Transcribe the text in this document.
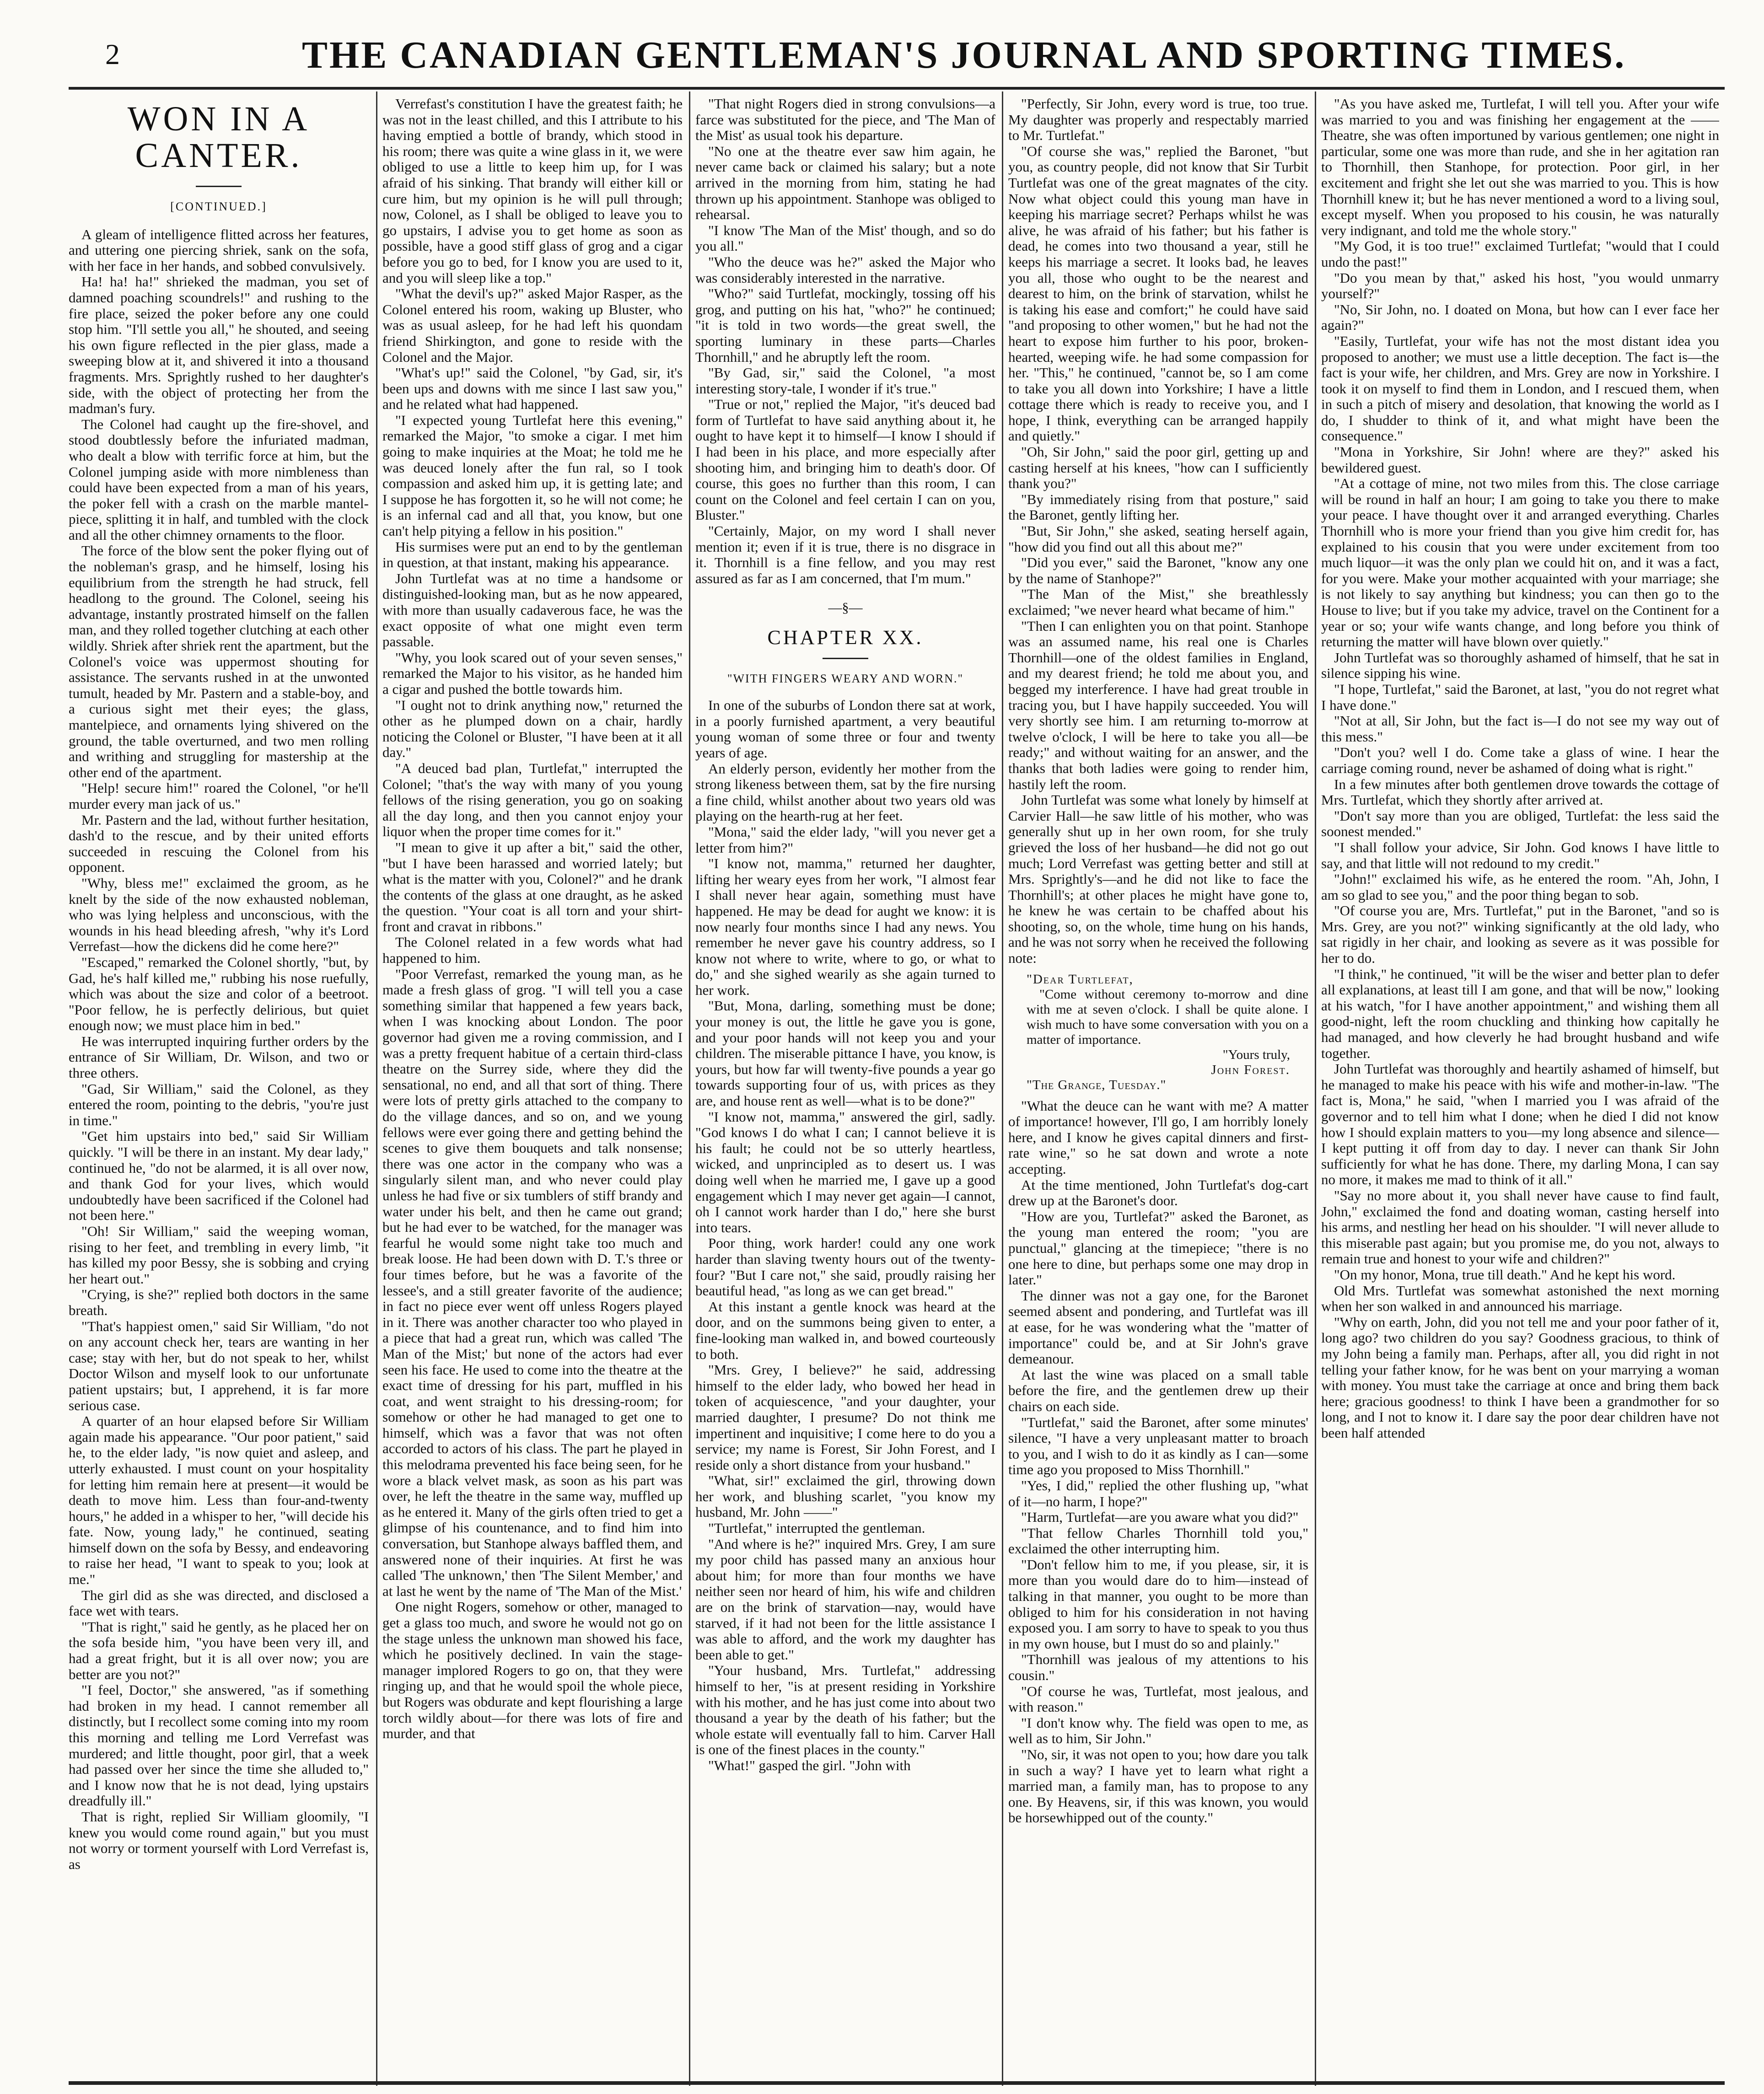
2	THE CANADIAN GENTLEMAN'S JOURNAL AND SPORTING TIMES.
WON IN A CANTER.
[CONTINUED.]

A gleam of intelligence flitted across her features, and uttering one piercing shriek, sank on the sofa, with her face in her hands, and sobbed convulsively.

Ha! ha! ha!" shrieked the madman, you set of damned poaching scoundrels!" and rushing to the fire place, seized the poker before any one could stop him. "I'll settle you all," he shouted, and seeing his own figure reflected in the pier glass, made a sweeping blow at it, and shivered it into a thousand fragments. Mrs. Sprightly rushed to her daughter's side, with the object of protecting her from the madman's fury.

The Colonel had caught up the fire-shovel, and stood doubtlessly before the infuriated madman, who dealt a blow with terrific force at him, but the Colonel jumping aside with more nimbleness than could have been expected from a man of his years, the poker fell with a crash on the marble mantel-piece, splitting it in half, and tumbled with the clock and all the other chimney ornaments to the floor.

The force of the blow sent the poker flying out of the nobleman's grasp, and he himself, losing his equilibrium from the strength he had struck, fell headlong to the ground. The Colonel, seeing his advantage, instantly prostrated himself on the fallen man, and they rolled together clutching at each other wildly. Shriek after shriek rent the apartment, but the Colonel's voice was uppermost shouting for assistance. The servants rushed in at the unwonted tumult, headed by Mr. Pastern and a stable-boy, and a curious sight met their eyes; the glass, mantelpiece, and ornaments lying shivered on the ground, the table overturned, and two men rolling and writhing and struggling for mastership at the other end of the apartment.

"Help! secure him!" roared the Colonel, "or he'll murder every man jack of us."

Mr. Pastern and the lad, without further hesitation, dash'd to the rescue, and by their united efforts succeeded in rescuing the Colonel from his opponent.

"Why, bless me!" exclaimed the groom, as he knelt by the side of the now exhausted nobleman, who was lying helpless and unconscious, with the wounds in his head bleeding afresh, "why it's Lord Verrefast—how the dickens did he come here?"

"Escaped," remarked the Colonel shortly, "but, by Gad, he's half killed me," rubbing his nose ruefully, which was about the size and color of a beetroot. "Poor fellow, he is perfectly delirious, but quiet enough now; we must place him in bed."

He was interrupted inquiring further orders by the entrance of Sir William, Dr. Wilson, and two or three others.

"Gad, Sir William," said the Colonel, as they entered the room, pointing to the debris, "you're just in time."

"Get him upstairs into bed," said Sir William quickly. "I will be there in an instant. My dear lady," continued he, "do not be alarmed, it is all over now, and thank God for your lives, which would undoubtedly have been sacrificed if the Colonel had not been here."

"Oh! Sir William," said the weeping woman, rising to her feet, and trembling in every limb, "it has killed my poor Bessy, she is sobbing and crying her heart out."

"Crying, is she?" replied both doctors in the same breath.

"That's happiest omen," said Sir William, "do not on any account check her, tears are wanting in her case; stay with her, but do not speak to her, whilst Doctor Wilson and myself look to our unfortunate patient upstairs; but, I apprehend, it is far more serious case.

A quarter of an hour elapsed before Sir William again made his appearance. "Our poor patient," said he, to the elder lady, "is now quiet and asleep, and utterly exhausted. I must count on your hospitality for letting him remain here at present—it would be death to move him. Less than four-and-twenty hours," he added in a whisper to her, "will decide his fate. Now, young lady," he continued, seating himself down on the sofa by Bessy, and endeavoring to raise her head, "I want to speak to you; look at me."

The girl did as she was directed, and disclosed a face wet with tears.

"That is right," said he gently, as he placed her on the sofa beside him, "you have been very ill, and had a great fright, but it is all over now; you are better are you not?"

"I feel, Doctor," she answered, "as if something had broken in my head. I cannot remember all distinctly, but I recollect some coming into my room this morning and telling me Lord Verrefast was murdered; and little thought, poor girl, that a week had passed over her since the time she alluded to," and I know now that he is not dead, lying upstairs dreadfully ill."

That is right, replied Sir William gloomily, "I knew you would come round again," but you must not worry or torment yourself with Lord Verrefast is, as

Verrefast's constitution I have the greatest faith; he was not in the least chilled, and this I attribute to his having emptied a bottle of brandy, which stood in his room; there was quite a wine glass in it, we were obliged to use a little to keep him up, for I was afraid of his sinking. That brandy will either kill or cure him, but my opinion is he will pull through; now, Colonel, as I shall be obliged to leave you to go upstairs, I advise you to get home as soon as possible, have a good stiff glass of grog and a cigar before you go to bed, for I know you are used to it, and you will sleep like a top."

"What the devil's up?" asked Major Rasper, as the Colonel entered his room, waking up Bluster, who was as usual asleep, for he had left his quondam friend Shirkington, and gone to reside with the Colonel and the Major.

"What's up!" said the Colonel, "by Gad, sir, it's been ups and downs with me since I last saw you," and he related what had happened.

"I expected young Turtlefat here this evening," remarked the Major, "to smoke a cigar. I met him going to make inquiries at the Moat; he told me he was deuced lonely after the fun ral, so I took compassion and asked him up, it is getting late; and I suppose he has forgotten it, so he will not come; he is an infernal cad and all that, you know, but one can't help pitying a fellow in his position."

His surmises were put an end to by the gentleman in question, at that instant, making his appearance.

John Turtlefat was at no time a handsome or distinguished-looking man, but as he now appeared, with more than usually cadaverous face, he was the exact opposite of what one might even term passable.

"Why, you look scared out of your seven senses," remarked the Major to his visitor, as he handed him a cigar and pushed the bottle towards him.

"I ought not to drink anything now," returned the other as he plumped down on a chair, hardly noticing the Colonel or Bluster, "I have been at it all day."

"A deuced bad plan, Turtlefat," interrupted the Colonel; "that's the way with many of you young fellows of the rising generation, you go on soaking all the day long, and then you cannot enjoy your liquor when the proper time comes for it."

"I mean to give it up after a bit," said the other, "but I have been harassed and worried lately; but what is the matter with you, Colonel?" and he drank the contents of the glass at one draught, as he asked the question. "Your coat is all torn and your shirt-front and cravat in ribbons."

The Colonel related in a few words what had happened to him.

"Poor Verrefast, remarked the young man, as he made a fresh glass of grog. "I will tell you a case something similar that happened a few years back, when I was knocking about London. The poor governor had given me a roving commission, and I was a pretty frequent habitue of a certain third-class theatre on the Surrey side, where they did the sensational, no end, and all that sort of thing. There were lots of pretty girls attached to the company to do the village dances, and so on, and we young fellows were ever going there and getting behind the scenes to give them bouquets and talk nonsense; there was one actor in the company who was a singularly silent man, and who never could play unless he had five or six tumblers of stiff brandy and water under his belt, and then he came out grand; but he had ever to be watched, for the manager was fearful he would some night take too much and break loose. He had been down with D. T.'s three or four times before, but he was a favorite of the lessee's, and a still greater favorite of the audience; in fact no piece ever went off unless Rogers played in it. There was another character too who played in a piece that had a great run, which was called 'The Man of the Mist;' but none of the actors had ever seen his face. He used to come into the theatre at the exact time of dressing for his part, muffled in his coat, and went straight to his dressing-room; for somehow or other he had managed to get one to himself, which was a favor that was not often accorded to actors of his class. The part he played in this melodrama prevented his face being seen, for he wore a black velvet mask, as soon as his part was over, he left the theatre in the same way, muffled up as he entered it. Many of the girls often tried to get a glimpse of his countenance, and to find him into conversation, but Stanhope always baffled them, and answered none of their inquiries. At first he was called 'The unknown,' then 'The Silent Member,' and at last he went by the name of 'The Man of the Mist.'

One night Rogers, somehow or other, managed to get a glass too much, and swore he would not go on the stage unless the unknown man showed his face, which he positively declined. In vain the stage-manager implored Rogers to go on, that they were ringing up, and that he would spoil the whole piece, but Rogers was obdurate and kept flourishing a large torch wildly about—for there was lots of fire and murder, and that

"That night Rogers died in strong convulsions—a farce was substituted for the piece, and 'The Man of the Mist' as usual took his departure.

"No one at the theatre ever saw him again, he never came back or claimed his salary; but a note arrived in the morning from him, stating he had thrown up his appointment. Stanhope was obliged to rehearsal.

"I know 'The Man of the Mist' though, and so do you all."

"Who the deuce was he?" asked the Major who was considerably interested in the narrative.

"Who?" said Turtlefat, mockingly, tossing off his grog, and putting on his hat, "who?" he continued; "it is told in two words—the great swell, the sporting luminary in these parts—Charles Thornhill," and he abruptly left the room.

"By Gad, sir," said the Colonel, "a most interesting story-tale, I wonder if it's true."

"True or not," replied the Major, "it's deuced bad form of Turtlefat to have said anything about it, he ought to have kept it to himself—I know I should if I had been in his place, and more especially after shooting him, and bringing him to death's door. Of course, this goes no further than this room, I can count on the Colonel and feel certain I can on you, Bluster."

"Certainly, Major, on my word I shall never mention it; even if it is true, there is no disgrace in it. Thornhill is a fine fellow, and you may rest assured as far as I am concerned, that I'm mum."

—§—
CHAPTER XX.
"WITH FINGERS WEARY AND WORN."

In one of the suburbs of London there sat at work, in a poorly furnished apartment, a very beautiful young woman of some three or four and twenty years of age.

An elderly person, evidently her mother from the strong likeness between them, sat by the fire nursing a fine child, whilst another about two years old was playing on the hearth-rug at her feet.

"Mona," said the elder lady, "will you never get a letter from him?"

"I know not, mamma," returned her daughter, lifting her weary eyes from her work, "I almost fear I shall never hear again, something must have happened. He may be dead for aught we know: it is now nearly four months since I had any news. You remember he never gave his country address, so I know not where to write, where to go, or what to do," and she sighed wearily as she again turned to her work.

"But, Mona, darling, something must be done; your money is out, the little he gave you is gone, and your poor hands will not keep you and your children. The miserable pittance I have, you know, is yours, but how far will twenty-five pounds a year go towards supporting four of us, with prices as they are, and house rent as well—what is to be done?"

"I know not, mamma," answered the girl, sadly. "God knows I do what I can; I cannot believe it is his fault; he could not be so utterly heartless, wicked, and unprincipled as to desert us. I was doing well when he married me, I gave up a good engagement which I may never get again—I cannot, oh I cannot work harder than I do," here she burst into tears.

Poor thing, work harder! could any one work harder than slaving twenty hours out of the twenty-four? "But I care not," she said, proudly raising her beautiful head, "as long as we can get bread."

At this instant a gentle knock was heard at the door, and on the summons being given to enter, a fine-looking man walked in, and bowed courteously to both.

"Mrs. Grey, I believe?" he said, addressing himself to the elder lady, who bowed her head in token of acquiescence, "and your daughter, your married daughter, I presume? Do not think me impertinent and inquisitive; I come here to do you a service; my name is Forest, Sir John Forest, and I reside only a short distance from your husband."

"What, sir!" exclaimed the girl, throwing down her work, and blushing scarlet, "you know my husband, Mr. John ——"

"Turtlefat," interrupted the gentleman.

"And where is he?" inquired Mrs. Grey, I am sure my poor child has passed many an anxious hour about him; for more than four months we have neither seen nor heard of him, his wife and children are on the brink of starvation—nay, would have starved, if it had not been for the little assistance I was able to afford, and the work my daughter has been able to get."

"Your husband, Mrs. Turtlefat," addressing himself to her, "is at present residing in Yorkshire with his mother, and he has just come into about two thousand a year by the death of his father; but the whole estate will eventually fall to him. Carver Hall is one of the finest places in the county."

"What!" gasped the girl. "John with

"Perfectly, Sir John, every word is true, too true. My daughter was properly and respectably married to Mr. Turtlefat."

"Of course she was," replied the Baronet, "but you, as country people, did not know that Sir Turbit Turtlefat was one of the great magnates of the city. Now what object could this young man have in keeping his marriage secret? Perhaps whilst he was alive, he was afraid of his father; but his father is dead, he comes into two thousand a year, still he keeps his marriage a secret. It looks bad, he leaves you all, those who ought to be the nearest and dearest to him, on the brink of starvation, whilst he is taking his ease and comfort;" he could have said "and proposing to other women," but he had not the heart to expose him further to his poor, broken-hearted, weeping wife. he had some compassion for her. "This," he continued, "cannot be, so I am come to take you all down into Yorkshire; I have a little cottage there which is ready to receive you, and I hope, I think, everything can be arranged happily and quietly."

"Oh, Sir John," said the poor girl, getting up and casting herself at his knees, "how can I sufficiently thank you?"

"By immediately rising from that posture," said the Baronet, gently lifting her.

"But, Sir John," she asked, seating herself again, "how did you find out all this about me?"

"Did you ever," said the Baronet, "know any one by the name of Stanhope?"

"The Man of the Mist," she breathlessly exclaimed; "we never heard what became of him."

"Then I can enlighten you on that point. Stanhope was an assumed name, his real one is Charles Thornhill—one of the oldest families in England, and my dearest friend; he told me about you, and begged my interference. I have had great trouble in tracing you, but I have happily succeeded. You will very shortly see him. I am returning to-morrow at twelve o'clock, I will be here to take you all—be ready;" and without waiting for an answer, and the thanks that both ladies were going to render him, hastily left the room.

John Turtlefat was some what lonely by himself at Carvier Hall—he saw little of his mother, who was generally shut up in her own room, for she truly grieved the loss of her husband—he did not go out much; Lord Verrefast was getting better and still at Mrs. Sprightly's—and he did not like to face the Thornhill's; at other places he might have gone to, he knew he was certain to be chaffed about his shooting, so, on the whole, time hung on his hands, and he was not sorry when he received the following note:

"Dear Turtlefat,

"Come without ceremony to-morrow and dine with me at seven o'clock. I shall be quite alone. I wish much to have some conversation with you on a matter of importance.

"Yours truly,
John Forest.
"The Grange, Tuesday."

"What the deuce can he want with me? A matter of importance! however, I'll go, I am horribly lonely here, and I know he gives capital dinners and first-rate wine," so he sat down and wrote a note accepting.

At the time mentioned, John Turtlefat's dog-cart drew up at the Baronet's door.

"How are you, Turtlefat?" asked the Baronet, as the young man entered the room; "you are punctual," glancing at the timepiece; "there is no one here to dine, but perhaps some one may drop in later."

The dinner was not a gay one, for the Baronet seemed absent and pondering, and Turtlefat was ill at ease, for he was wondering what the "matter of importance" could be, and at Sir John's grave demeanour.

At last the wine was placed on a small table before the fire, and the gentlemen drew up their chairs on each side.

"Turtlefat," said the Baronet, after some minutes' silence, "I have a very unpleasant matter to broach to you, and I wish to do it as kindly as I can—some time ago you proposed to Miss Thornhill."

"Yes, I did," replied the other flushing up, "what of it—no harm, I hope?"

"Harm, Turtlefat—are you aware what you did?"

"That fellow Charles Thornhill told you," exclaimed the other interrupting him.

"Don't fellow him to me, if you please, sir, it is more than you would dare do to him—instead of talking in that manner, you ought to be more than obliged to him for his consideration in not having exposed you. I am sorry to have to speak to you thus in my own house, but I must do so and plainly."

"Thornhill was jealous of my attentions to his cousin."

"Of course he was, Turtlefat, most jealous, and with reason."

"I don't know why. The field was open to me, as well as to him, Sir John."

"No, sir, it was not open to you; how dare you talk in such a way? I have yet to learn what right a married man, a family man, has to propose to any one. By Heavens, sir, if this was known, you would be horsewhipped out of the county."

"As you have asked me, Turtlefat, I will tell you. After your wife was married to you and was finishing her engagement at the —— Theatre, she was often importuned by various gentlemen; one night in particular, some one was more than rude, and she in her agitation ran to Thornhill, then Stanhope, for protection. Poor girl, in her excitement and fright she let out she was married to you. This is how Thornhill knew it; but he has never mentioned a word to a living soul, except myself. When you proposed to his cousin, he was naturally very indignant, and told me the whole story."

"My God, it is too true!" exclaimed Turtlefat; "would that I could undo the past!"

"Do you mean by that," asked his host, "you would unmarry yourself?"

"No, Sir John, no. I doated on Mona, but how can I ever face her again?"

"Easily, Turtlefat, your wife has not the most distant idea you proposed to another; we must use a little deception. The fact is—the fact is your wife, her children, and Mrs. Grey are now in Yorkshire. I took it on myself to find them in London, and I rescued them, when in such a pitch of misery and desolation, that knowing the world as I do, I shudder to think of it, and what might have been the consequence."

"Mona in Yorkshire, Sir John! where are they?" asked his bewildered guest.

"At a cottage of mine, not two miles from this. The close carriage will be round in half an hour; I am going to take you there to make your peace. I have thought over it and arranged everything. Charles Thornhill who is more your friend than you give him credit for, has explained to his cousin that you were under excitement from too much liquor—it was the only plan we could hit on, and it was a fact, for you were. Make your mother acquainted with your marriage; she is not likely to say anything but kindness; you can then go to the House to live; but if you take my advice, travel on the Continent for a year or so; your wife wants change, and long before you think of returning the matter will have blown over quietly."

John Turtlefat was so thoroughly ashamed of himself, that he sat in silence sipping his wine.

"I hope, Turtlefat," said the Baronet, at last, "you do not regret what I have done."

"Not at all, Sir John, but the fact is—I do not see my way out of this mess."

"Don't you? well I do. Come take a glass of wine. I hear the carriage coming round, never be ashamed of doing what is right."

In a few minutes after both gentlemen drove towards the cottage of Mrs. Turtlefat, which they shortly after arrived at.

"Don't say more than you are obliged, Turtlefat: the less said the soonest mended."

"I shall follow your advice, Sir John. God knows I have little to say, and that little will not redound to my credit."

"John!" exclaimed his wife, as he entered the room. "Ah, John, I am so glad to see you," and the poor thing began to sob.

"Of course you are, Mrs. Turtlefat," put in the Baronet, "and so is Mrs. Grey, are you not?" winking significantly at the old lady, who sat rigidly in her chair, and looking as severe as it was possible for her to do.

"I think," he continued, "it will be the wiser and better plan to defer all explanations, at least till I am gone, and that will be now," looking at his watch, "for I have another appointment," and wishing them all good-night, left the room chuckling and thinking how capitally he had managed, and how cleverly he had brought husband and wife together.

John Turtlefat was thoroughly and heartily ashamed of himself, but he managed to make his peace with his wife and mother-in-law. "The fact is, Mona," he said, "when I married you I was afraid of the governor and to tell him what I done; when he died I did not know how I should explain matters to you—my long absence and silence—I kept putting it off from day to day. I never can thank Sir John sufficiently for what he has done. There, my darling Mona, I can say no more, it makes me mad to think of it all."

"Say no more about it, you shall never have cause to find fault, John," exclaimed the fond and doating woman, casting herself into his arms, and nestling her head on his shoulder. "I will never allude to this miserable past again; but you promise me, do you not, always to remain true and honest to your wife and children?"

"On my honor, Mona, true till death." And he kept his word.

Old Mrs. Turtlefat was somewhat astonished the next morning when her son walked in and announced his marriage.

"Why on earth, John, did you not tell me and your poor father of it, long ago? two children do you say? Goodness gracious, to think of my John being a family man. Perhaps, after all, you did right in not telling your father know, for he was bent on your marrying a woman with money. You must take the carriage at once and bring them back here; gracious goodness! to think I have been a grandmother for so long, and I not to know it. I dare say the poor dear children have not been half attended
